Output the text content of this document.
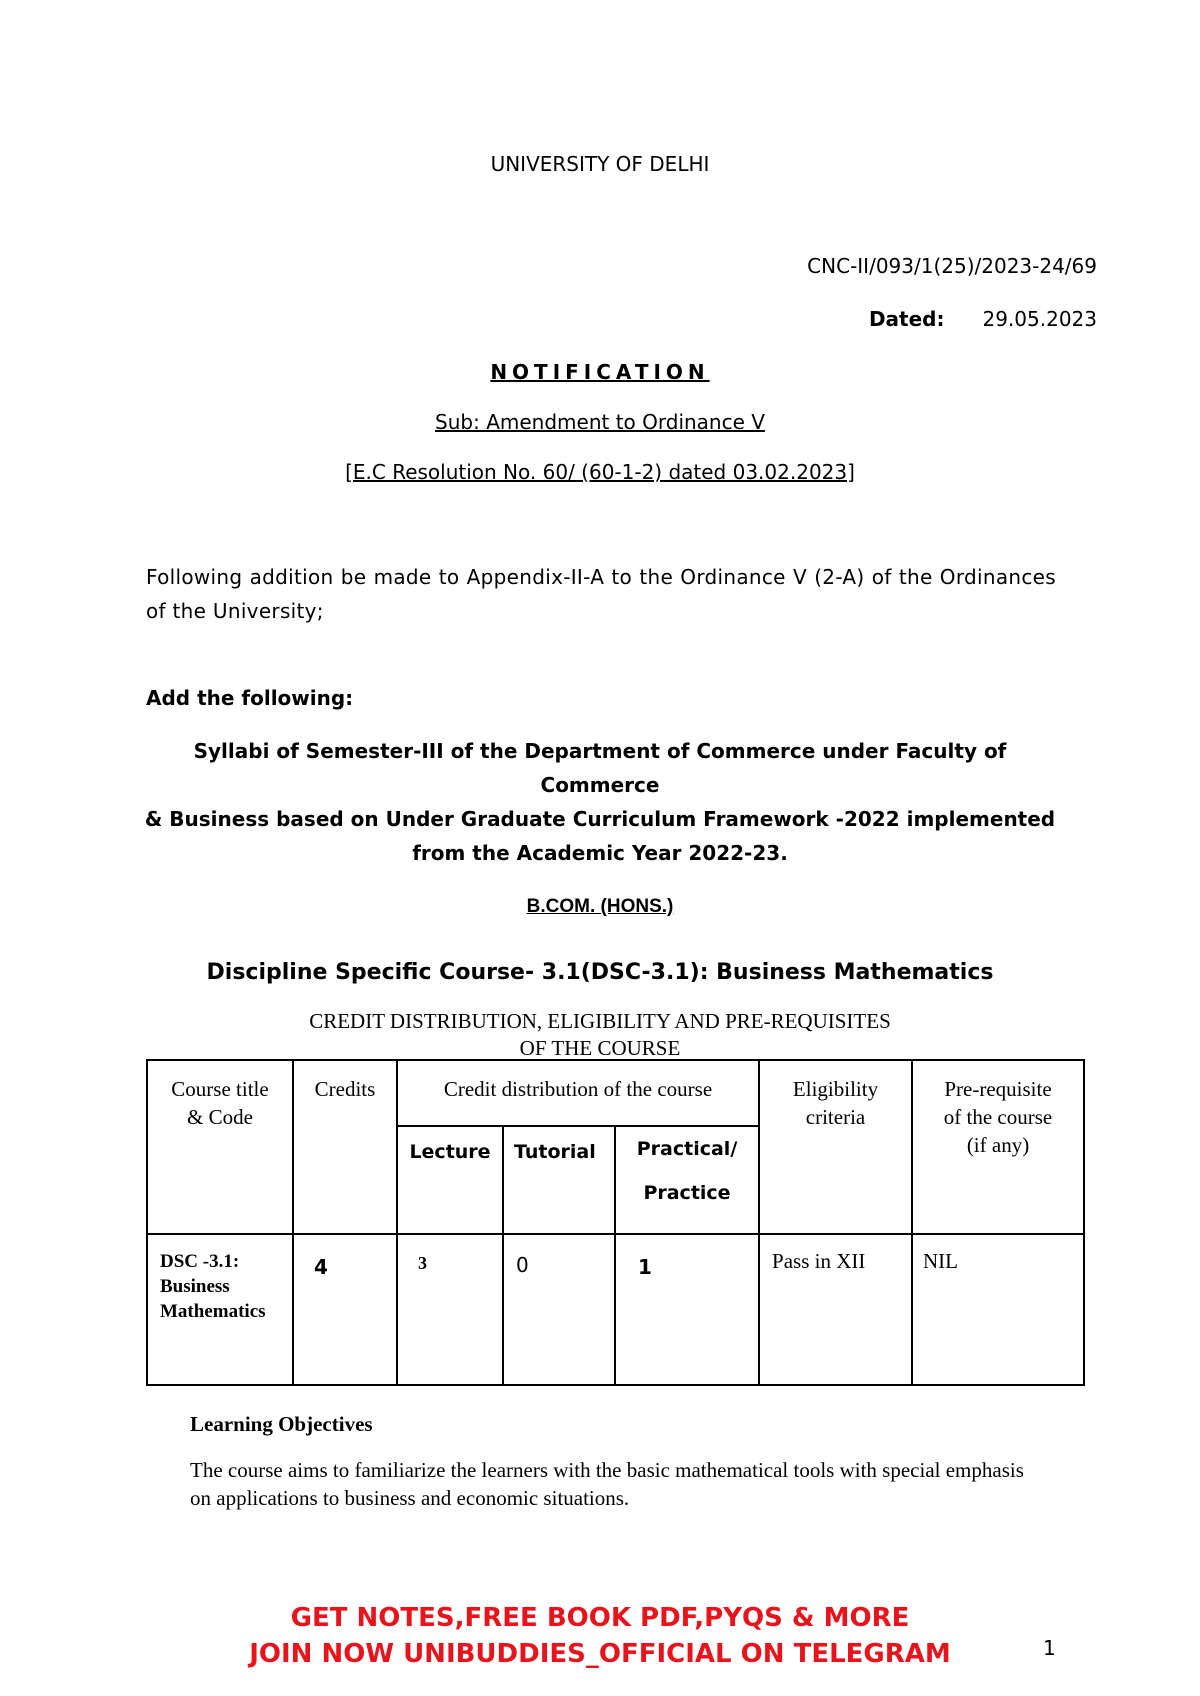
UNIVERSITY OF DELHI
CNC-II/093/1(25)/2023-24/69
Dated: 29.05.2023
NOTIFICATION
Sub: Amendment to Ordinance V
[E.C Resolution No. 60/ (60-1-2) dated 03.02.2023]
Following addition be made to Appendix-II-A to the Ordinance V (2-A) of the Ordinances of the University;
Add the following:
Syllabi of Semester-III of the Department of Commerce under Faculty of Commerce
& Business based on Under Graduate Curriculum Framework -2022 implemented
from the Academic Year 2022-23.
B.COM. (HONS.)
Discipline Specific Course- 3.1(DSC-3.1): Business Mathematics
CREDIT DISTRIBUTION, ELIGIBILITY AND PRE-REQUISITES
OF THE COURSE
Course title & Code	Credits	Credit distribution of the course			Eligibility criteria	Pre-requisite of the course (if any)
		Lecture	Tutorial	Practical/
Practice		

DSC -3.1: Business Mathematics	4	3	0	1	Pass in XII	NIL
Learning Objectives
The course aims to familiarize the learners with the basic mathematical tools with special emphasis on applications to business and economic situations.
GET NOTES,FREE BOOK PDF,PYQS & MORE
JOIN NOW UNIBUDDIES_OFFICIAL ON TELEGRAM	1
